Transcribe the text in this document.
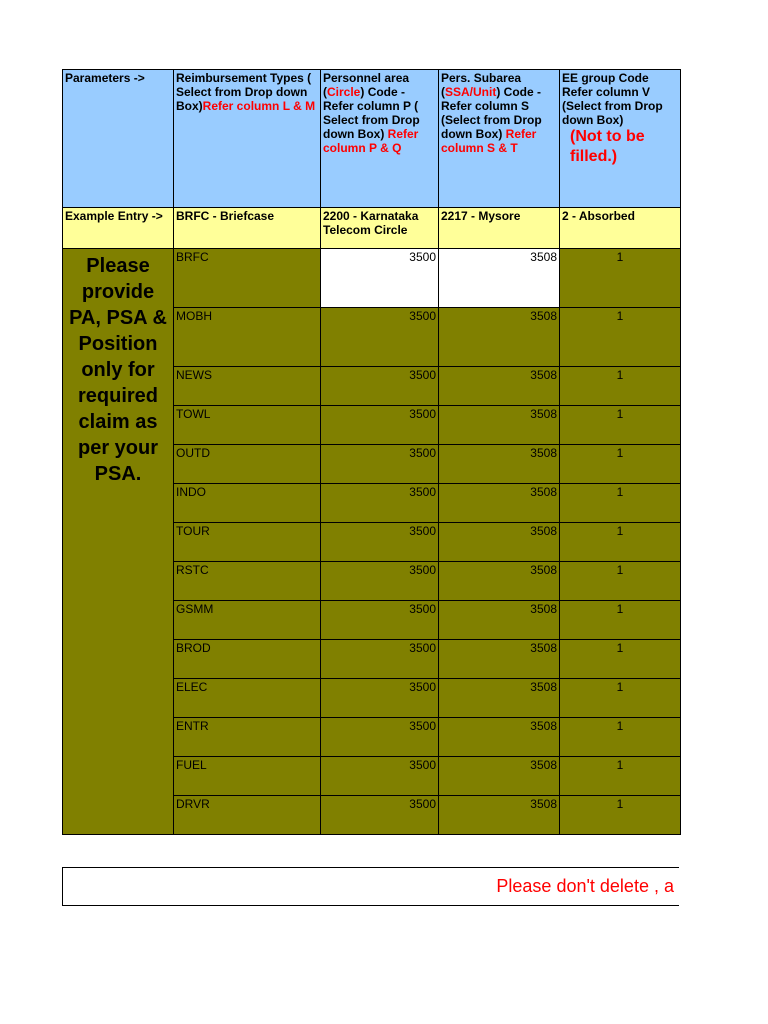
Parameters ->	Reimbursement Types ( Select from Drop down Box)Refer column L & M	Personnel area (Circle) Code - Refer column P ( Select from Drop down Box) Refer column P & Q	Pers. Subarea (SSA/Unit) Code - Refer column S (Select from Drop down Box) Refer column S & T	EE group Code Refer column V (Select from Drop down Box)
(Not to be filled.)
Example Entry ->	BRFC - Briefcase	2200 - Karnataka Telecom Circle	2217 - Mysore	2 - Absorbed
Please provide PA, PSA & Position only for required claim as per your PSA.	BRFC	3500	3508	1
	MOBH	3500	3508	1
	NEWS	3500	3508	1
	TOWL	3500	3508	1
	OUTD	3500	3508	1
	INDO	3500	3508	1
	TOUR	3500	3508	1
	RSTC	3500	3508	1
	GSMM	3500	3508	1
	BROD	3500	3508	1
	ELEC	3500	3508	1
	ENTR	3500	3508	1
	FUEL	3500	3508	1
	DRVR	3500	3508	1
Please don't delete , a
